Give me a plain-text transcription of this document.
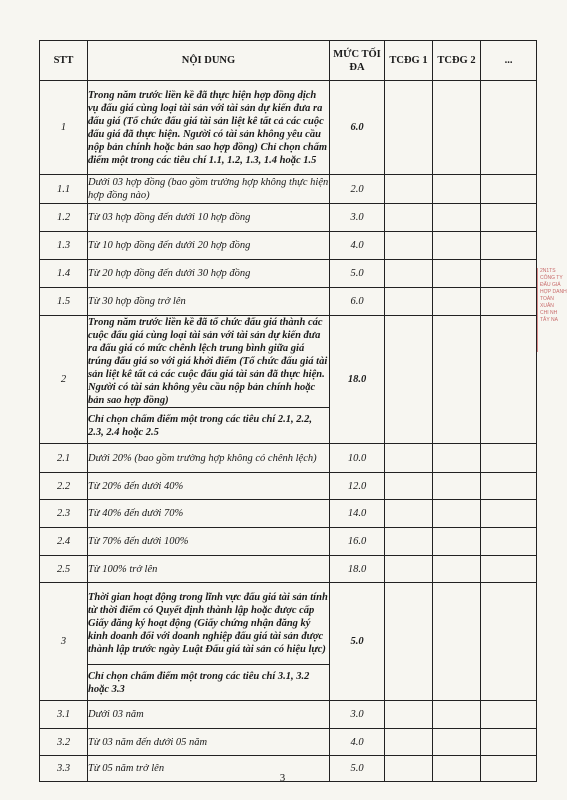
STT	NỘI DUNG	MỨC TỐI ĐA	TCĐG 1	TCĐG 2	...
1	Trong năm trước liền kề đã thực hiện hợp đồng dịch vụ đấu giá cùng loại tài sản với tài sản dự kiến đưa ra đấu giá (Tổ chức đấu giá tài sản liệt kê tất cả các cuộc đấu giá đã thực hiện. Người có tài sản không yêu cầu nộp bản chính hoặc bản sao hợp đồng) Chỉ chọn chấm điểm một trong các tiêu chí 1.1, 1.2, 1.3, 1.4 hoặc 1.5	6.0			
1.1	Dưới 03 hợp đồng (bao gồm trường hợp không thực hiện hợp đồng nào)	2.0			
1.2	Từ 03 hợp đồng đến dưới 10 hợp đồng	3.0			
1.3	Từ 10 hợp đồng đến dưới 20 hợp đồng	4.0			
1.4	Từ 20 hợp đồng đến dưới 30 hợp đồng	5.0			
1.5	Từ 30 hợp đồng trở lên	6.0			
2	Trong năm trước liền kề đã tổ chức đấu giá thành các cuộc đấu giá cùng loại tài sản với tài sản dự kiến đưa ra đấu giá có mức chênh lệch trung bình giữa giá trúng đấu giá so với giá khởi điểm (Tổ chức đấu giá tài sản liệt kê tất cả các cuộc đấu giá tài sản đã thực hiện. Người có tài sản không yêu cầu nộp bản chính hoặc bản sao hợp đồng)	18.0			
	Chỉ chọn chấm điểm một trong các tiêu chí 2.1, 2.2, 2.3, 2.4 hoặc 2.5				
2.1	Dưới 20% (bao gồm trường hợp không có chênh lệch)	10.0			
2.2	Từ 20% đến dưới 40%	12.0			
2.3	Từ 40% đến dưới 70%	14.0			
2.4	Từ 70% đến dưới 100%	16.0			
2.5	Từ 100% trở lên	18.0			
3	Thời gian hoạt động trong lĩnh vực đấu giá tài sản tính từ thời điểm có Quyết định thành lập hoặc được cấp Giấy đăng ký hoạt động (Giấy chứng nhận đăng ký kinh doanh đối với doanh nghiệp đấu giá tài sản được thành lập trước ngày Luật Đấu giá tài sản có hiệu lực)	5.0			
	Chỉ chọn chấm điểm một trong các tiêu chí 3.1, 3.2 hoặc 3.3				
3.1	Dưới 03 năm	3.0			
3.2	Từ 03 năm đến dưới 05 năm	4.0			
3.3	Từ 05 năm trở lên	5.0			
2N1TS
CÔNG TY
ĐẤU GIÁ
HỢP DANH
TOÀN
XUÂN
CHI NH
TÂY NA
3
